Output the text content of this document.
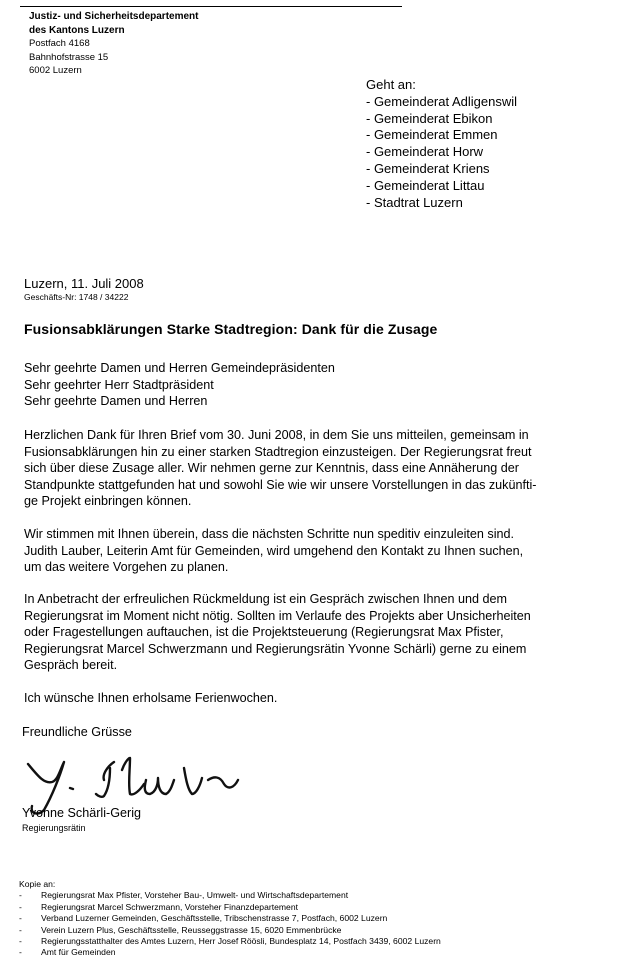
Justiz- und Sicherheitsdepartement
des Kantons Luzern
Postfach 4168
Bahnhofstrasse 15
6002 Luzern
Geht an:
- Gemeinderat Adligenswil
- Gemeinderat Ebikon
- Gemeinderat Emmen
- Gemeinderat Horw
- Gemeinderat Kriens
- Gemeinderat Littau
- Stadtrat Luzern
Luzern, 11. Juli 2008
Geschäfts-Nr: 1748 / 34222
Fusionsabklärungen Starke Stadtregion: Dank für die Zusage
Sehr geehrte Damen und Herren Gemeindepräsidenten
Sehr geehrter Herr Stadtpräsident
Sehr geehrte Damen und Herren
Herzlichen Dank für Ihren Brief vom 30. Juni 2008, in dem Sie uns mitteilen, gemeinsam in
Fusionsabklärungen hin zu einer starken Stadtregion einzusteigen. Der Regierungsrat freut
sich über diese Zusage aller. Wir nehmen gerne zur Kenntnis, dass eine Annäherung der
Standpunkte stattgefunden hat und sowohl Sie wie wir unsere Vorstellungen in das zukünfti-
ge Projekt einbringen können.
Wir stimmen mit Ihnen überein, dass die nächsten Schritte nun speditiv einzuleiten sind.
Judith Lauber, Leiterin Amt für Gemeinden, wird umgehend den Kontakt zu Ihnen suchen,
um das weitere Vorgehen zu planen.
In Anbetracht der erfreulichen Rückmeldung ist ein Gespräch zwischen Ihnen und dem
Regierungsrat im Moment nicht nötig. Sollten im Verlaufe des Projekts aber Unsicherheiten
oder Fragestellungen auftauchen, ist die Projektsteuerung (Regierungsrat Max Pfister,
Regierungsrat Marcel Schwerzmann und Regierungsrätin Yvonne Schärli) gerne zu einem
Gespräch bereit.
Ich wünsche Ihnen erholsame Ferienwochen.
Freundliche Grüsse
Yvonne Schärli-Gerig
Regierungsrätin
Kopie an:
- Regierungsrat Max Pfister, Vorsteher Bau-, Umwelt- und Wirtschaftsdepartement
- Regierungsrat Marcel Schwerzmann, Vorsteher Finanzdepartement
- Verband Luzerner Gemeinden, Geschäftsstelle, Tribschenstrasse 7, Postfach, 6002 Luzern
- Verein Luzern Plus, Geschäftsstelle, Reusseggstrasse 15, 6020 Emmenbrücke
- Regierungsstatthalter des Amtes Luzern, Herr Josef Röösli, Bundesplatz 14, Postfach 3439, 6002 Luzern
- Amt für Gemeinden
